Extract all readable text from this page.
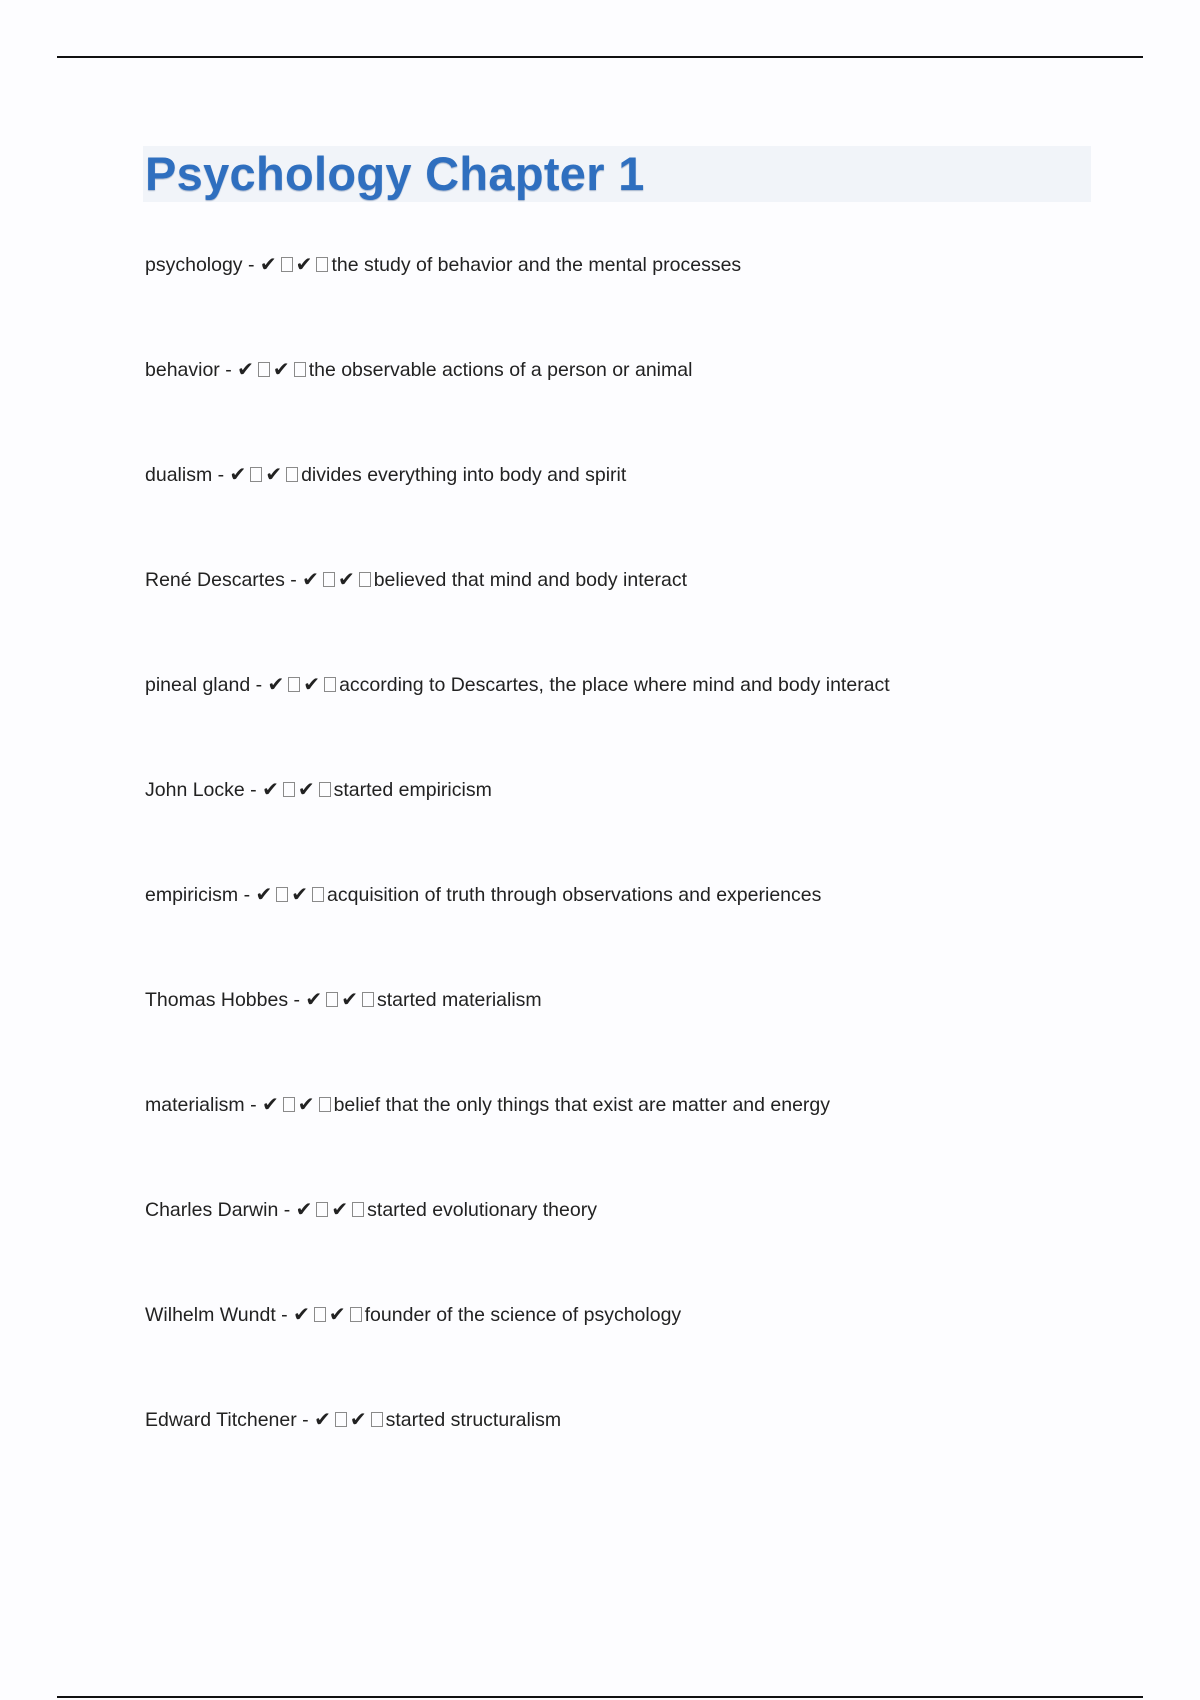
Psychology Chapter 1
psychology - ✔ ✔ the study of behavior and the mental processes
behavior - ✔ ✔ the observable actions of a person or animal
dualism - ✔ ✔ divides everything into body and spirit
René Descartes - ✔ ✔ believed that mind and body interact
pineal gland - ✔ ✔ according to Descartes, the place where mind and body interact
John Locke - ✔ ✔ started empiricism
empiricism - ✔ ✔ acquisition of truth through observations and experiences
Thomas Hobbes - ✔ ✔ started materialism
materialism - ✔ ✔ belief that the only things that exist are matter and energy
Charles Darwin - ✔ ✔ started evolutionary theory
Wilhelm Wundt - ✔ ✔ founder of the science of psychology
Edward Titchener - ✔ ✔ started structuralism
